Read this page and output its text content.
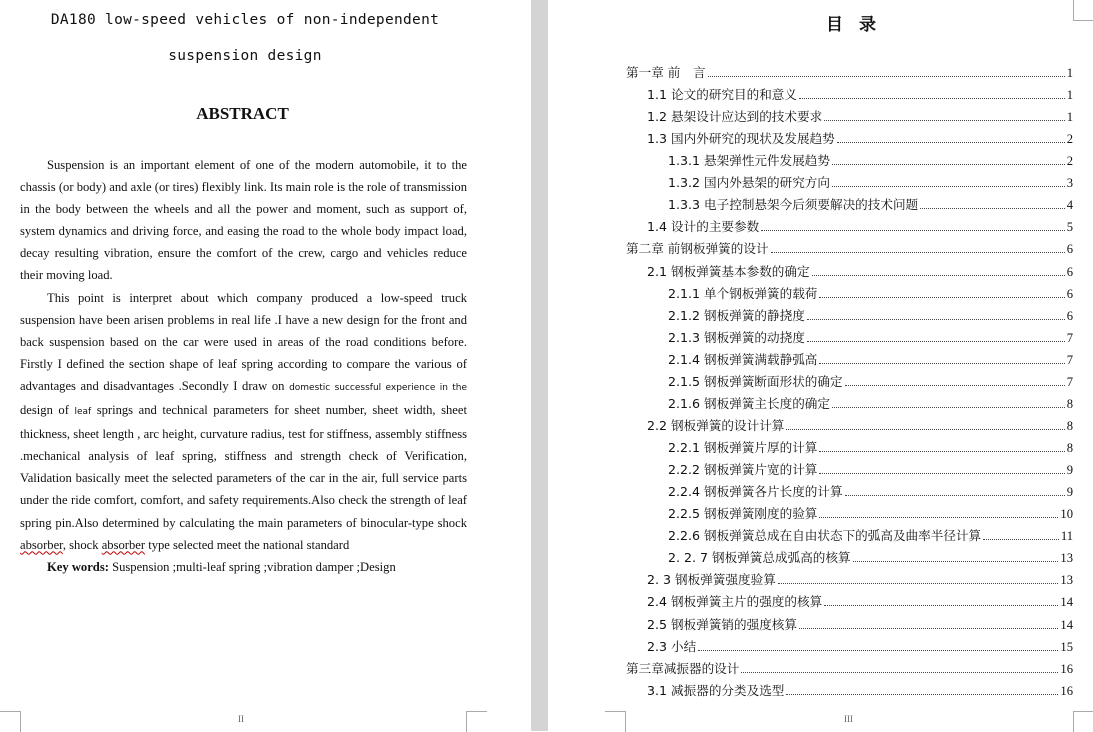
DA180 low-speed vehicles of non-independent
suspension design
ABSTRACT

Suspension is an important element of one of the modern automobile, it to the chassis (or body) and axle (or tires) flexibly link. Its main role is the role of transmission in the body between the wheels and all the power and moment, such as support of, system dynamics and driving force, and easing the road to the whole body impact load, decay resulting vibration, ensure the comfort of the crew, cargo and vehicles reduce their moving load.

This point is interpret about which company produced a low-speed truck suspension have been arisen problems in real life .I have a new design for the front and back suspension based on the car were used in areas of the road conditions before. Firstly I defined the section shape of leaf spring according to compare the various of advantages and disadvantages .Secondly I draw on domestic successful experience in the design of leaf springs and technical parameters for sheet number, sheet width, sheet thickness, sheet length , arc height, curvature radius, test for stiffness, assembly stiffness .mechanical analysis of leaf spring, stiffness and strength check of Verification, Validation basically meet the selected parameters of the car in the air, full service parts under the ride comfort, comfort, and safety requirements.Also check the strength of leaf spring pin.Also determined by calculating the main parameters of binocular-type shock absorber, shock absorber type selected meet the national standard

Key words: Suspension ;multi-leaf spring ;vibration damper ;Design

II	III
目录
第一章 前　言	1
1.1 论文的研究目的和意义	1
1.2 悬架设计应达到的技术要求	1
1.3 国内外研究的现状及发展趋势	2
1.3.1 悬架弹性元件发展趋势	2
1.3.2 国内外悬架的研究方向	3
1.3.3 电子控制悬架今后须要解决的技术问题	4
1.4 设计的主要参数	5
第二章 前钢板弹簧的设计	6
2.1 钢板弹簧基本参数的确定	6
2.1.1 单个钢板弹簧的载荷	6
2.1.2 钢板弹簧的静挠度	6
2.1.3 钢板弹簧的动挠度	7
2.1.4 钢板弹簧满载静弧高	7
2.1.5 钢板弹簧断面形状的确定	7
2.1.6 钢板弹簧主长度的确定	8
2.2 钢板弹簧的设计计算	8
2.2.1 钢板弹簧片厚的计算	8
2.2.2 钢板弹簧片宽的计算	9
2.2.4 钢板弹簧各片长度的计算	9
2.2.5 钢板弹簧刚度的验算	10
2.2.6 钢板弹簧总成在自由状态下的弧高及曲率半径计算	11
2. 2. 7 钢板弹簧总成弧高的核算	13
2. 3 钢板弹簧强度验算	13
2.4 钢板弹簧主片的强度的核算	14
2.5 钢板弹簧销的强度核算	14
2.3 小结	15
第三章减振器的设计	16
3.1 减振器的分类及选型	16
